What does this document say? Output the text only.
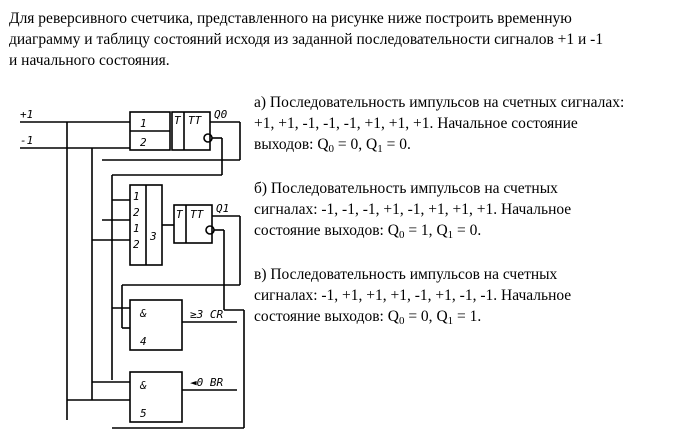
Для реверсивного счетчика, представленного на рисунке ниже построить временную
диаграмму и таблицу состояний исходя из заданной последовательности сигналов +1 и -1
и начального состояния.
+1
-1
1
2
T TT Q0
1
2
1
2
3
T TT Q1
&
4
≥3 CR
&
5
◄0 BR

а) Последовательность импульсов на счетных сигналах:

+1, +1, -1, -1, -1, +1, +1, +1. Начальное состояние

выходов: Q0 = 0, Q1 = 0.

б) Последовательность импульсов на счетных

сигналах: -1, -1, -1, +1, -1, +1, +1, +1. Начальное

состояние выходов: Q0 = 1, Q1 = 0.

в) Последовательность импульсов на счетных

сигналах: -1, +1, +1, +1, -1, +1, -1, -1. Начальное

состояние выходов: Q0 = 0, Q1 = 1.
